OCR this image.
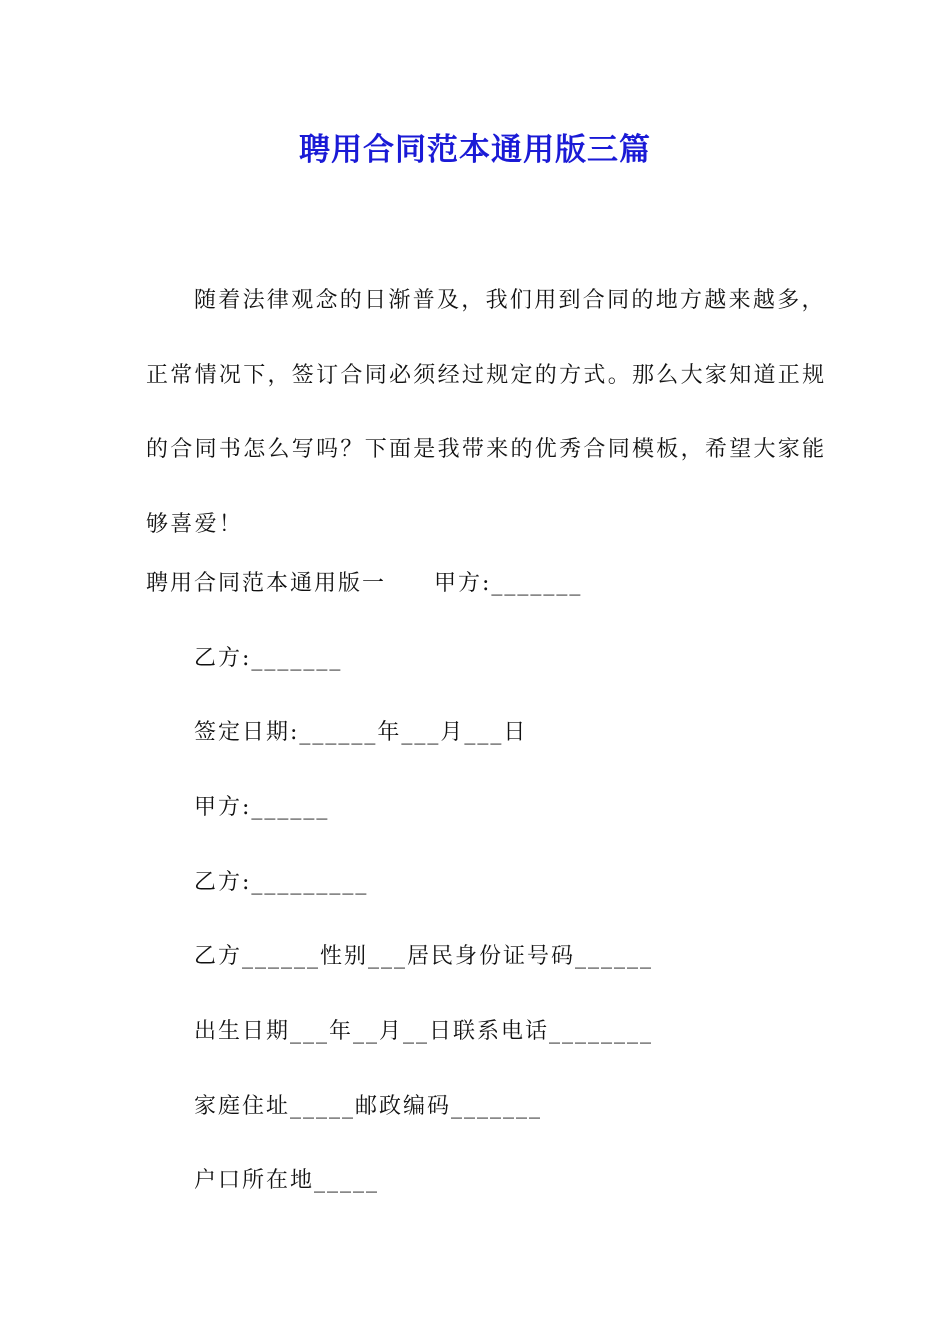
聘用合同范本通用版三篇

随着法律观念的日渐普及，我们用到合同的地方越来越多，正常情况下，签订合同必须经过规定的方式。那么大家知道正规的合同书怎么写吗？下面是我带来的优秀合同模板，希望大家能够喜爱！

聘用合同范本通用版一 甲方:_______
乙方:_______
签定日期:______年___月___日
甲方:______
乙方:_________
乙方______性别___居民身份证号码______
出生日期___年__月__日联系电话________
家庭住址_____邮政编码_______
户口所在地_____
